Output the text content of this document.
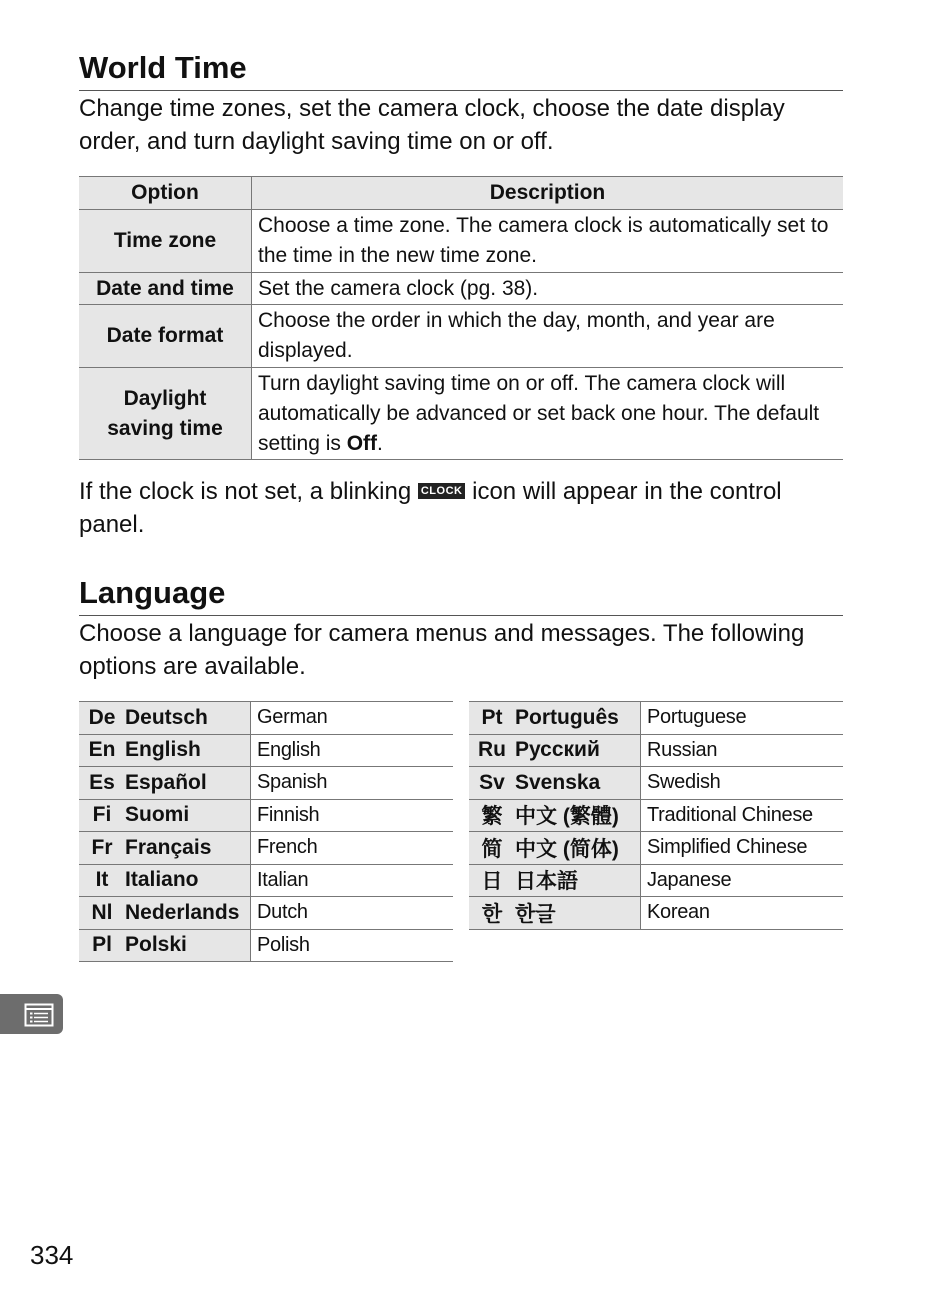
World Time

Change time zones, set the camera clock, choose the date display order, and turn daylight saving time on or off.

Option	Description
Time zone	Choose a time zone. The camera clock is automatically set to the time in the new time zone.
Date and time	Set the camera clock (pg. 38).
Date format	Choose the order in which the day, month, and year are displayed.
Daylight saving time	Turn daylight saving time on or off. The camera clock will automatically be advanced or set back one hour. The default setting is Off.

If the clock is not set, a blinking CLOCK icon will appear in the control panel.

Language

Choose a language for camera menus and messages. The following options are available.

De	Deutsch	German
En	English	English
Es	Español	Spanish
Fi	Suomi	Finnish
Fr	Français	French
It	Italiano	Italian
Nl	Nederlands	Dutch
Pl	Polski	Polish
Pt	Português	Portuguese
Ru	Русский	Russian
Sv	Svenska	Swedish
繁	中文 (繁體)	Traditional Chinese
简	中文 (简体)	Simplified Chinese
日	日本語	Japanese
한	한글	Korean
334
